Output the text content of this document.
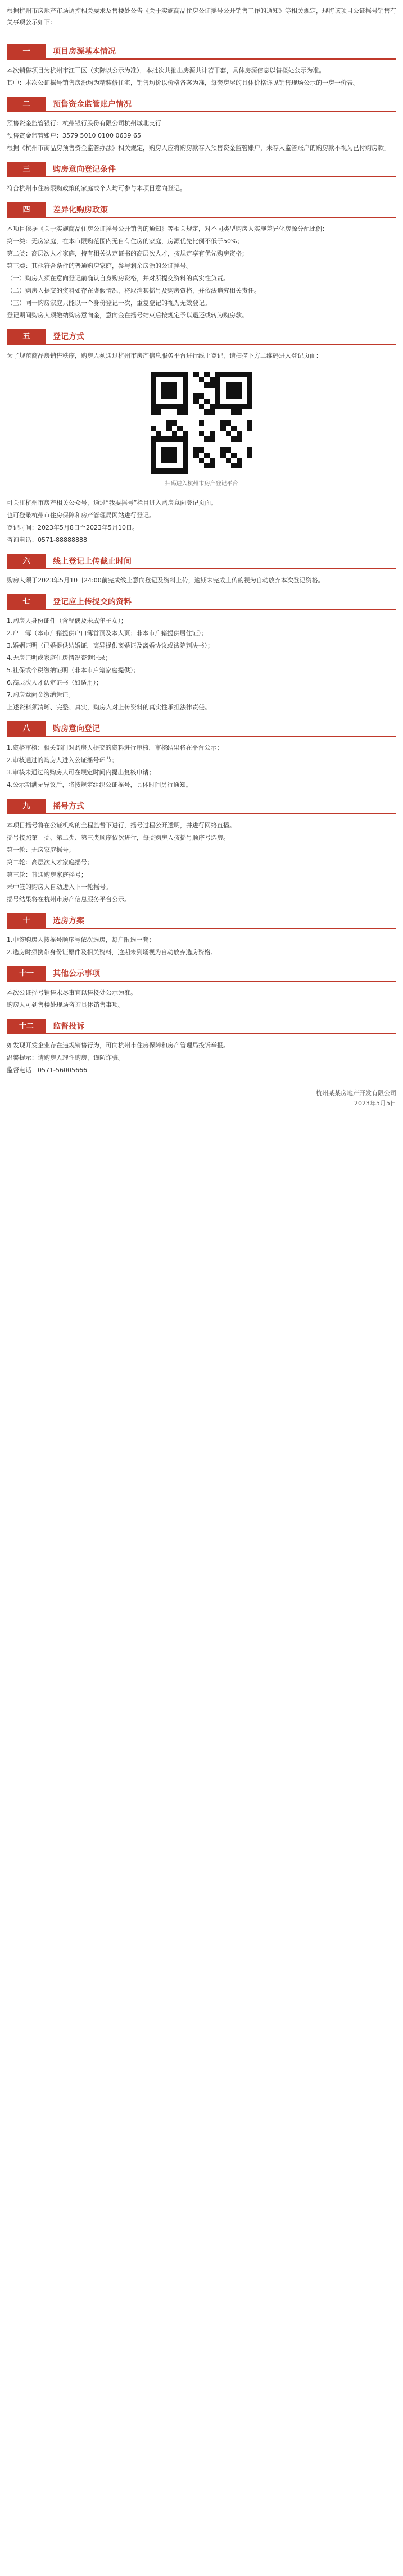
根据杭州市房地产市场调控相关要求及售楼处公告《关于实施商品住房公证摇号公开销售工作的通知》等相关规定，现将该项目公证摇号销售有关事项公示如下：
一	项目房源基本情况

本次销售项目为杭州市江干区（实际以公示为准），本批次共推出房源共计若干套，具体房源信息以售楼处公示为准。

其中：本次公证摇号销售房源均为精装修住宅，销售均价以价格备案为准，每套房屋的具体价格详见销售现场公示的一房一价表。

二	预售资金监管账户情况

预售资金监管银行：杭州银行股份有限公司杭州城北支行

预售资金监管账户：3579 5010 0100 0639 65

根据《杭州市商品房预售资金监管办法》相关规定，购房人应将购房款存入预售资金监管账户，未存入监管账户的购房款不视为已付购房款。

三	购房意向登记条件

符合杭州市住房限购政策的家庭或个人均可参与本项目意向登记。

四	差异化购房政策

本项目依据《关于实施商品住房公证摇号公开销售的通知》等相关规定，对不同类型购房人实施差异化房源分配比例：

第一类：无房家庭，在本市限购范围内无自有住房的家庭，房源优先比例不低于50%；

第二类：高层次人才家庭，持有相关认定证书的高层次人才，按规定享有优先购房资格；

第三类：其他符合条件的普通购房家庭，参与剩余房源的公证摇号。

（一）购房人须在意向登记前确认自身购房资格，并对所提交资料的真实性负责。

（二）购房人提交的资料如存在虚假情况，将取消其摇号及购房资格，并依法追究相关责任。

（三）同一购房家庭只能以一个身份登记一次，重复登记的视为无效登记。

登记期间购房人须缴纳购房意向金，意向金在摇号结束后按规定予以退还或转为购房款。

五	登记方式

为了规范商品房销售秩序，购房人须通过杭州市房产信息服务平台进行线上登记，请扫描下方二维码进入登记页面：

扫码进入杭州市房产登记平台

可关注杭州市房产相关公众号，通过“我要摇号”栏目进入购房意向登记页面。

也可登录杭州市住房保障和房产管理局网站进行登记。

登记时间：2023年5月8日至2023年5月10日。

咨询电话：0571-88888888

六	线上登记上传截止时间

购房人须于2023年5月10日24:00前完成线上意向登记及资料上传，逾期未完成上传的视为自动放弃本次登记资格。

七	登记应上传提交的资料

1.购房人身份证件（含配偶及未成年子女）；

2.户口簿（本市户籍提供户口簿首页及本人页；非本市户籍提供居住证）；

3.婚姻证明（已婚提供结婚证，离异提供离婚证及离婚协议或法院判决书）；

4.无房证明或家庭住房情况查询记录；

5.社保或个税缴纳证明（非本市户籍家庭提供）；

6.高层次人才认定证书（如适用）；

7.购房意向金缴纳凭证。

上述资料须清晰、完整、真实，购房人对上传资料的真实性承担法律责任。

八	购房意向登记

1.资格审核：相关部门对购房人提交的资料进行审核，审核结果将在平台公示；

2.审核通过的购房人进入公证摇号环节；

3.审核未通过的购房人可在规定时间内提出复核申请；

4.公示期满无异议后，将按规定组织公证摇号，具体时间另行通知。

九	摇号方式

本项目摇号将在公证机构的全程监督下进行，摇号过程公开透明，并进行网络直播。

摇号按照第一类、第二类、第三类顺序依次进行，每类购房人按摇号顺序号选房。

第一轮：无房家庭摇号；

第二轮：高层次人才家庭摇号；

第三轮：普通购房家庭摇号；

未中签的购房人自动进入下一轮摇号。

摇号结果将在杭州市房产信息服务平台公示。

十	选房方案

1.中签购房人按摇号顺序号依次选房，每户限选一套；

2.选房时须携带身份证原件及相关资料，逾期未到场视为自动放弃选房资格。

十一	其他公示事项

本次公证摇号销售未尽事宜以售楼处公示为准。

购房人可到售楼处现场咨询具体销售事项。

十二	监督投诉

如发现开发企业存在违规销售行为，可向杭州市住房保障和房产管理局投诉举报。

温馨提示：请购房人理性购房，谨防诈骗。

监督电话：0571-56005666

杭州某某房地产开发有限公司
2023年5月5日
